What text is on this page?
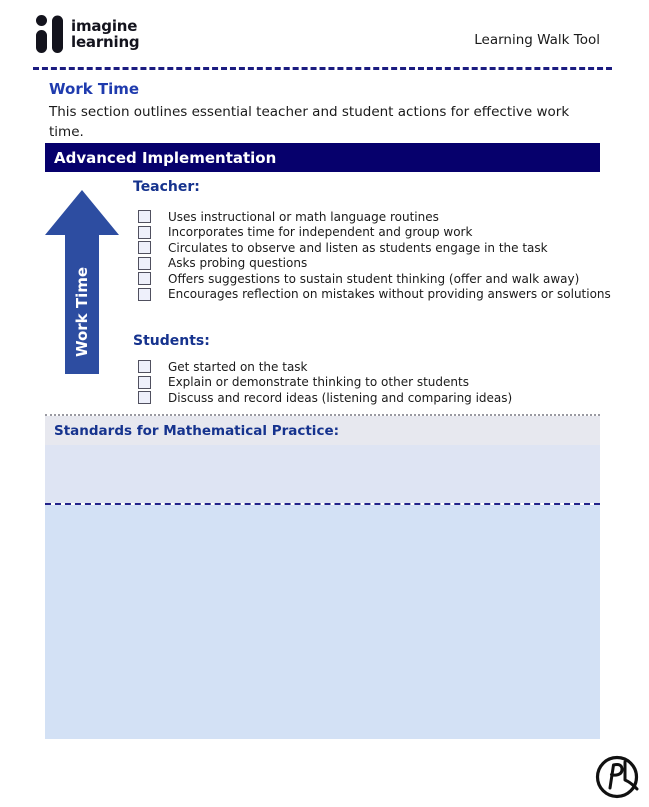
imagine
learning	Learning Walk Tool
Work Time
This section outlines essential teacher and student actions for effective work time.
Advanced Implementation
Work Time
Teacher:
Uses instructional or math language routines
Incorporates time for independent and group work
Circulates to observe and listen as students engage in the task
Asks probing questions
Offers suggestions to sustain student thinking (offer and walk away)
Encourages reflection on mistakes without providing answers or solutions
Students:
Get started on the task
Explain or demonstrate thinking to other students
Discuss and record ideas (listening and comparing ideas)
Standards for Mathematical Practice:
